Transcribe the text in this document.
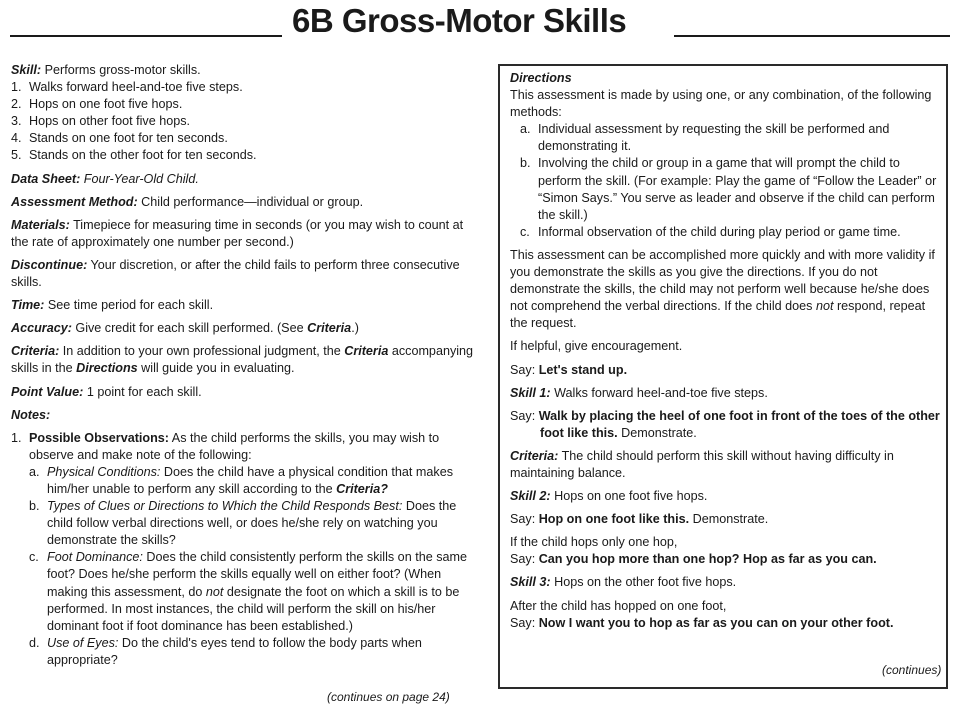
6B Gross-Motor Skills

Skill: Performs gross-motor skills.

1. Walks forward heel-and-toe five steps.
2. Hops on one foot five hops.
3. Hops on other foot five hops.
4. Stands on one foot for ten seconds.
5. Stands on the other foot for ten seconds.

Data Sheet: Four-Year-Old Child.

Assessment Method: Child performance—individual or group.

Materials: Timepiece for measuring time in seconds (or you may wish to count at the rate of approximately one number per second.)

Discontinue: Your discretion, or after the child fails to perform three consecutive skills.

Time: See time period for each skill.

Accuracy: Give credit for each skill performed. (See Criteria.)

Criteria: In addition to your own professional judgment, the Criteria accompanying skills in the Directions will guide you in evaluating.

Point Value: 1 point for each skill.

Notes:

1. Possible Observations: As the child performs the skills, you may wish to observe and make note of the following:
a. Physical Conditions: Does the child have a physical condition that makes him/her unable to perform any skill according to the Criteria?
b. Types of Clues or Directions to Which the Child Responds Best: Does the child follow verbal directions well, or does he/she rely on watching you demonstrate the skills?
c. Foot Dominance: Does the child consistently perform the skills on the same foot? Does he/she perform the skills equally well on either foot? (When making this assessment, do not designate the foot on which a skill is to be performed. In most instances, the child will perform the skill on his/her dominant foot if foot dominance has been established.)
d. Use of Eyes: Do the child's eyes tend to follow the body parts when appropriate?
(continues on page 24)

Directions

This assessment is made by using one, or any combination, of the following methods:

a. Individual assessment by requesting the skill be performed and demonstrating it.
b. Involving the child or group in a game that will prompt the child to perform the skill. (For example: Play the game of “Follow the Leader” or “Simon Says.” You serve as leader and observe if the child can perform the skill.)
c. Informal observation of the child during play period or game time.

This assessment can be accomplished more quickly and with more validity if you demonstrate the skills as you give the directions. If you do not demonstrate the skills, the child may not perform well because he/she does not comprehend the verbal directions. If the child does not respond, repeat the request.

If helpful, give encouragement.

Say: Let's stand up.

Skill 1: Walks forward heel-and-toe five steps.

Say: Walk by placing the heel of one foot in front of the toes of the other foot like this. Demonstrate.

Criteria: The child should perform this skill without having difficulty in maintaining balance.

Skill 2: Hops on one foot five hops.

Say: Hop on one foot like this. Demonstrate.

If the child hops only one hop,

Say: Can you hop more than one hop? Hop as far as you can.

Skill 3: Hops on the other foot five hops.

After the child has hopped on one foot,

Say: Now I want you to hop as far as you can on your other foot.

(continues)
